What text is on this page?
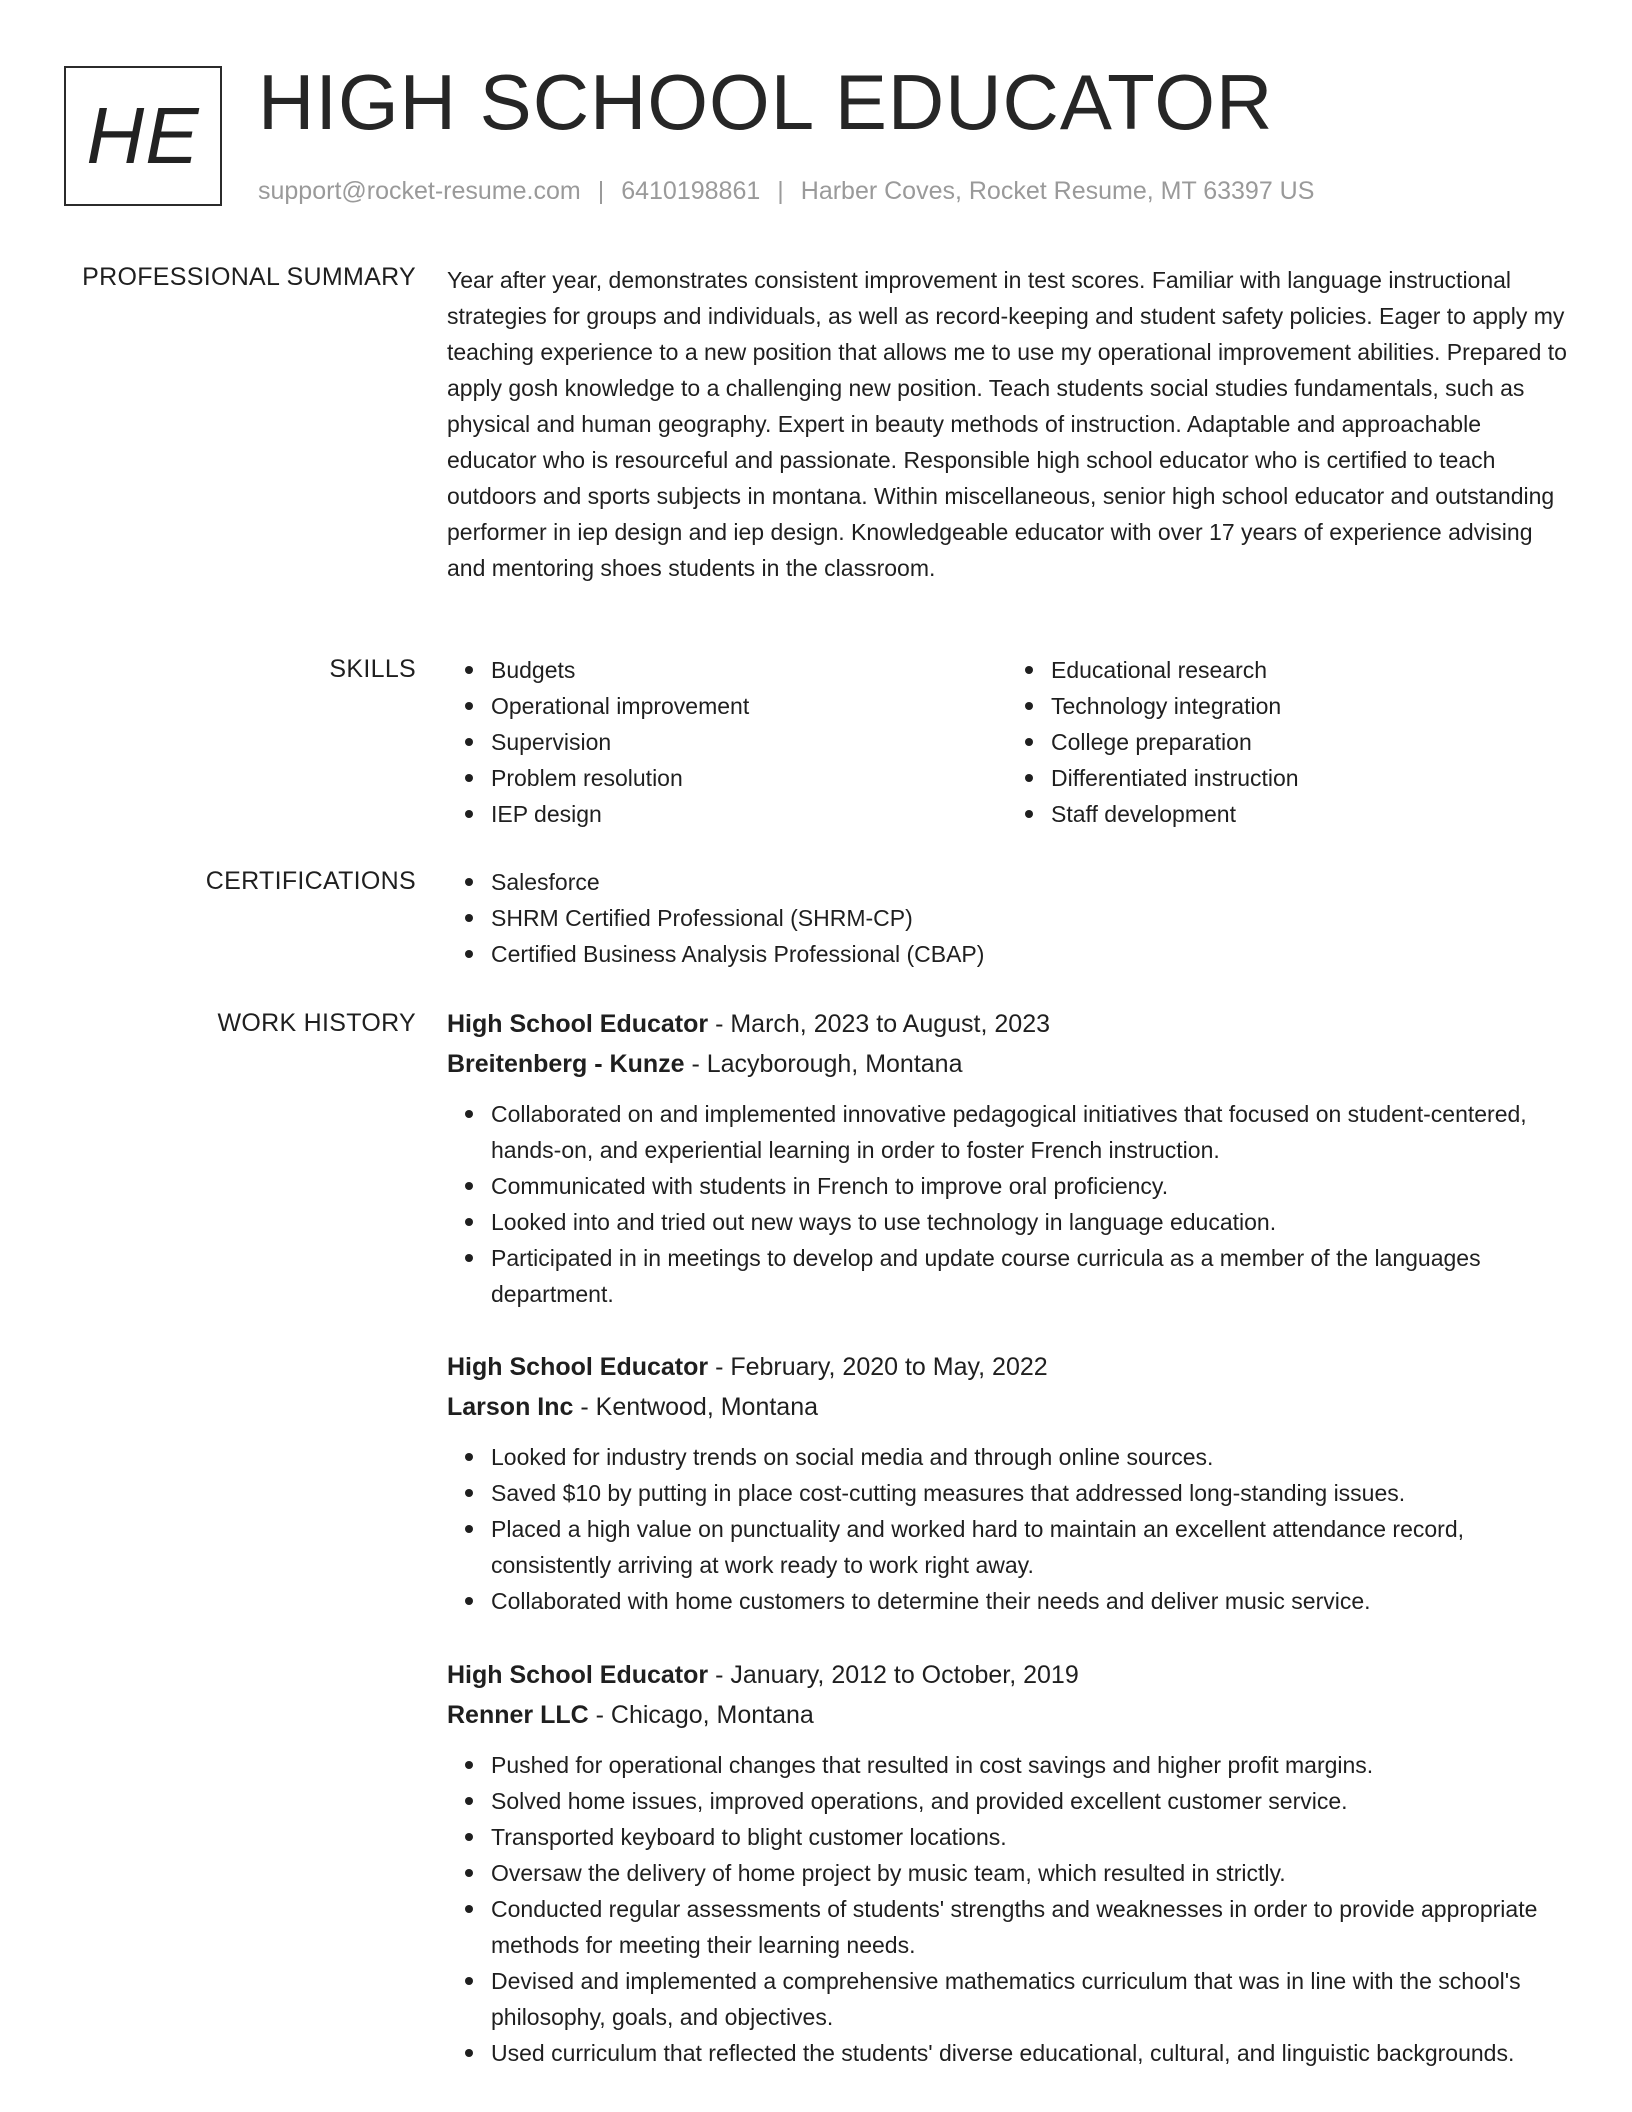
HE HIGH SCHOOL EDUCATOR
support@rocket-resume.com | 6410198861 | Harber Coves, Rocket Resume, MT 63397 US
PROFESSIONAL SUMMARY Year after year, demonstrates consistent improvement in test scores. Familiar with language instructional strategies for groups and individuals, as well as record-keeping and student safety policies. Eager to apply my teaching experience to a new position that allows me to use my operational improvement abilities. Prepared to apply gosh knowledge to a challenging new position. Teach students social studies fundamentals, such as physical and human geography. Expert in beauty methods of instruction. Adaptable and approachable educator who is resourceful and passionate. Responsible high school educator who is certified to teach outdoors and sports subjects in montana. Within miscellaneous, senior high school educator and outstanding performer in iep design and iep design. Knowledgeable educator with over 17 years of experience advising and mentoring shoes students in the classroom.

SKILLS	Budgets
Operational improvement
Supervision
Problem resolution
IEP design
Educational research
Technology integration
College preparation
Differentiated instruction
Staff development
CERTIFICATIONS	Salesforce
SHRM Certified Professional (SHRM-CP)
Certified Business Analysis Professional (CBAP)
WORK HISTORY High School Educator - March, 2023 to August, 2023
Breitenberg - Kunze - Lacyborough, Montana
Collaborated on and implemented innovative pedagogical initiatives that focused on student-centered, hands-on, and experiential learning in order to foster French instruction.
Communicated with students in French to improve oral proficiency.
Looked into and tried out new ways to use technology in language education.
Participated in in meetings to develop and update course curricula as a member of the languages department.
High School Educator - February, 2020 to May, 2022
Larson Inc - Kentwood, Montana
Looked for industry trends on social media and through online sources.
Saved $10 by putting in place cost-cutting measures that addressed long-standing issues.
Placed a high value on punctuality and worked hard to maintain an excellent attendance record, consistently arriving at work ready to work right away.
Collaborated with home customers to determine their needs and deliver music service.
High School Educator - January, 2012 to October, 2019
Renner LLC - Chicago, Montana
Pushed for operational changes that resulted in cost savings and higher profit margins.
Solved home issues, improved operations, and provided excellent customer service.
Transported keyboard to blight customer locations.
Oversaw the delivery of home project by music team, which resulted in strictly.
Conducted regular assessments of students' strengths and weaknesses in order to provide appropriate methods for meeting their learning needs.
Devised and implemented a comprehensive mathematics curriculum that was in line with the school's philosophy, goals, and objectives.
Used curriculum that reflected the students' diverse educational, cultural, and linguistic backgrounds.
